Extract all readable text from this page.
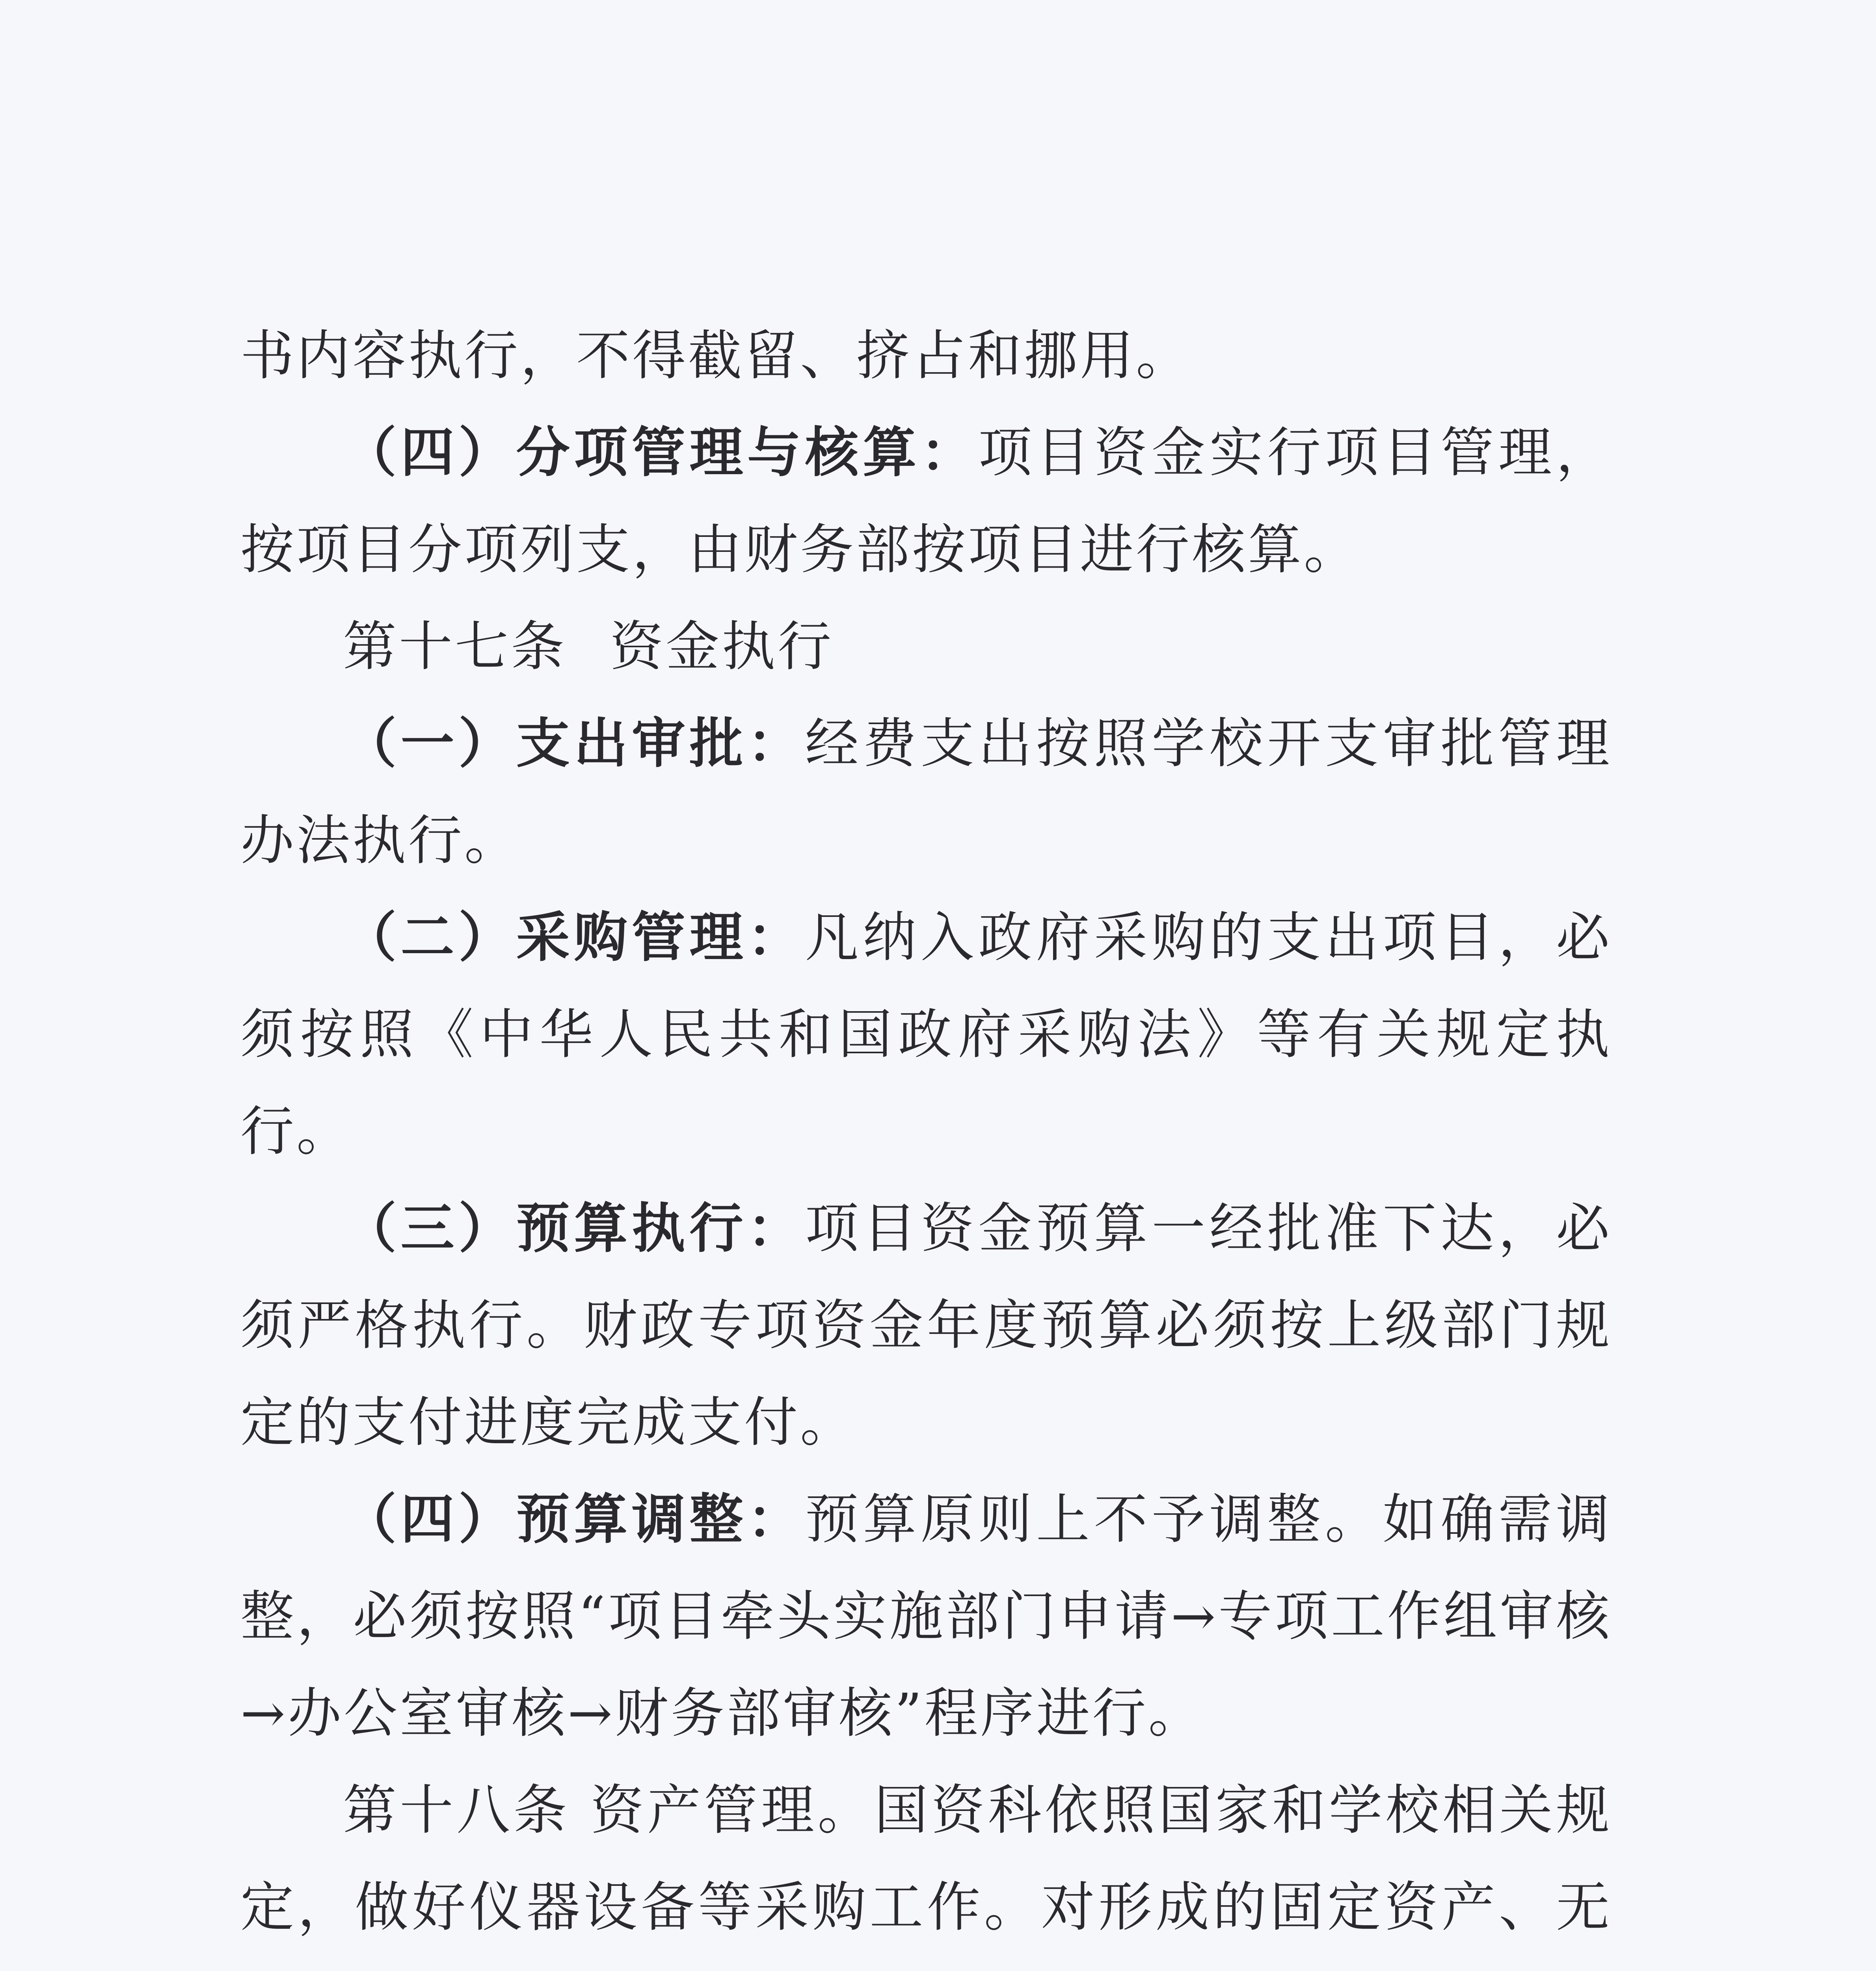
书内容执行，不得截留、挤占和挪用。

（四）分项管理与核算：项目资金实行项目管理，按项目分项列支，由财务部按项目进行核算。

第十七条 资金执行

（一）支出审批：经费支出按照学校开支审批管理办法执行。

（二）采购管理：凡纳入政府采购的支出项目，必须按照《中华人民共和国政府采购法》等有关规定执行。

（三）预算执行：项目资金预算一经批准下达，必须严格执行。财政专项资金年度预算必须按上级部门规定的支付进度完成支付。

（四）预算调整：预算原则上不予调整。如确需调整，必须按照“项目牵头实施部门申请→专项工作组审核→办公室审核→财务部审核”程序进行。

第十八条 资产管理。国资科依照国家和学校相关规定，做好仪器设备等采购工作。对形成的固定资产、无
